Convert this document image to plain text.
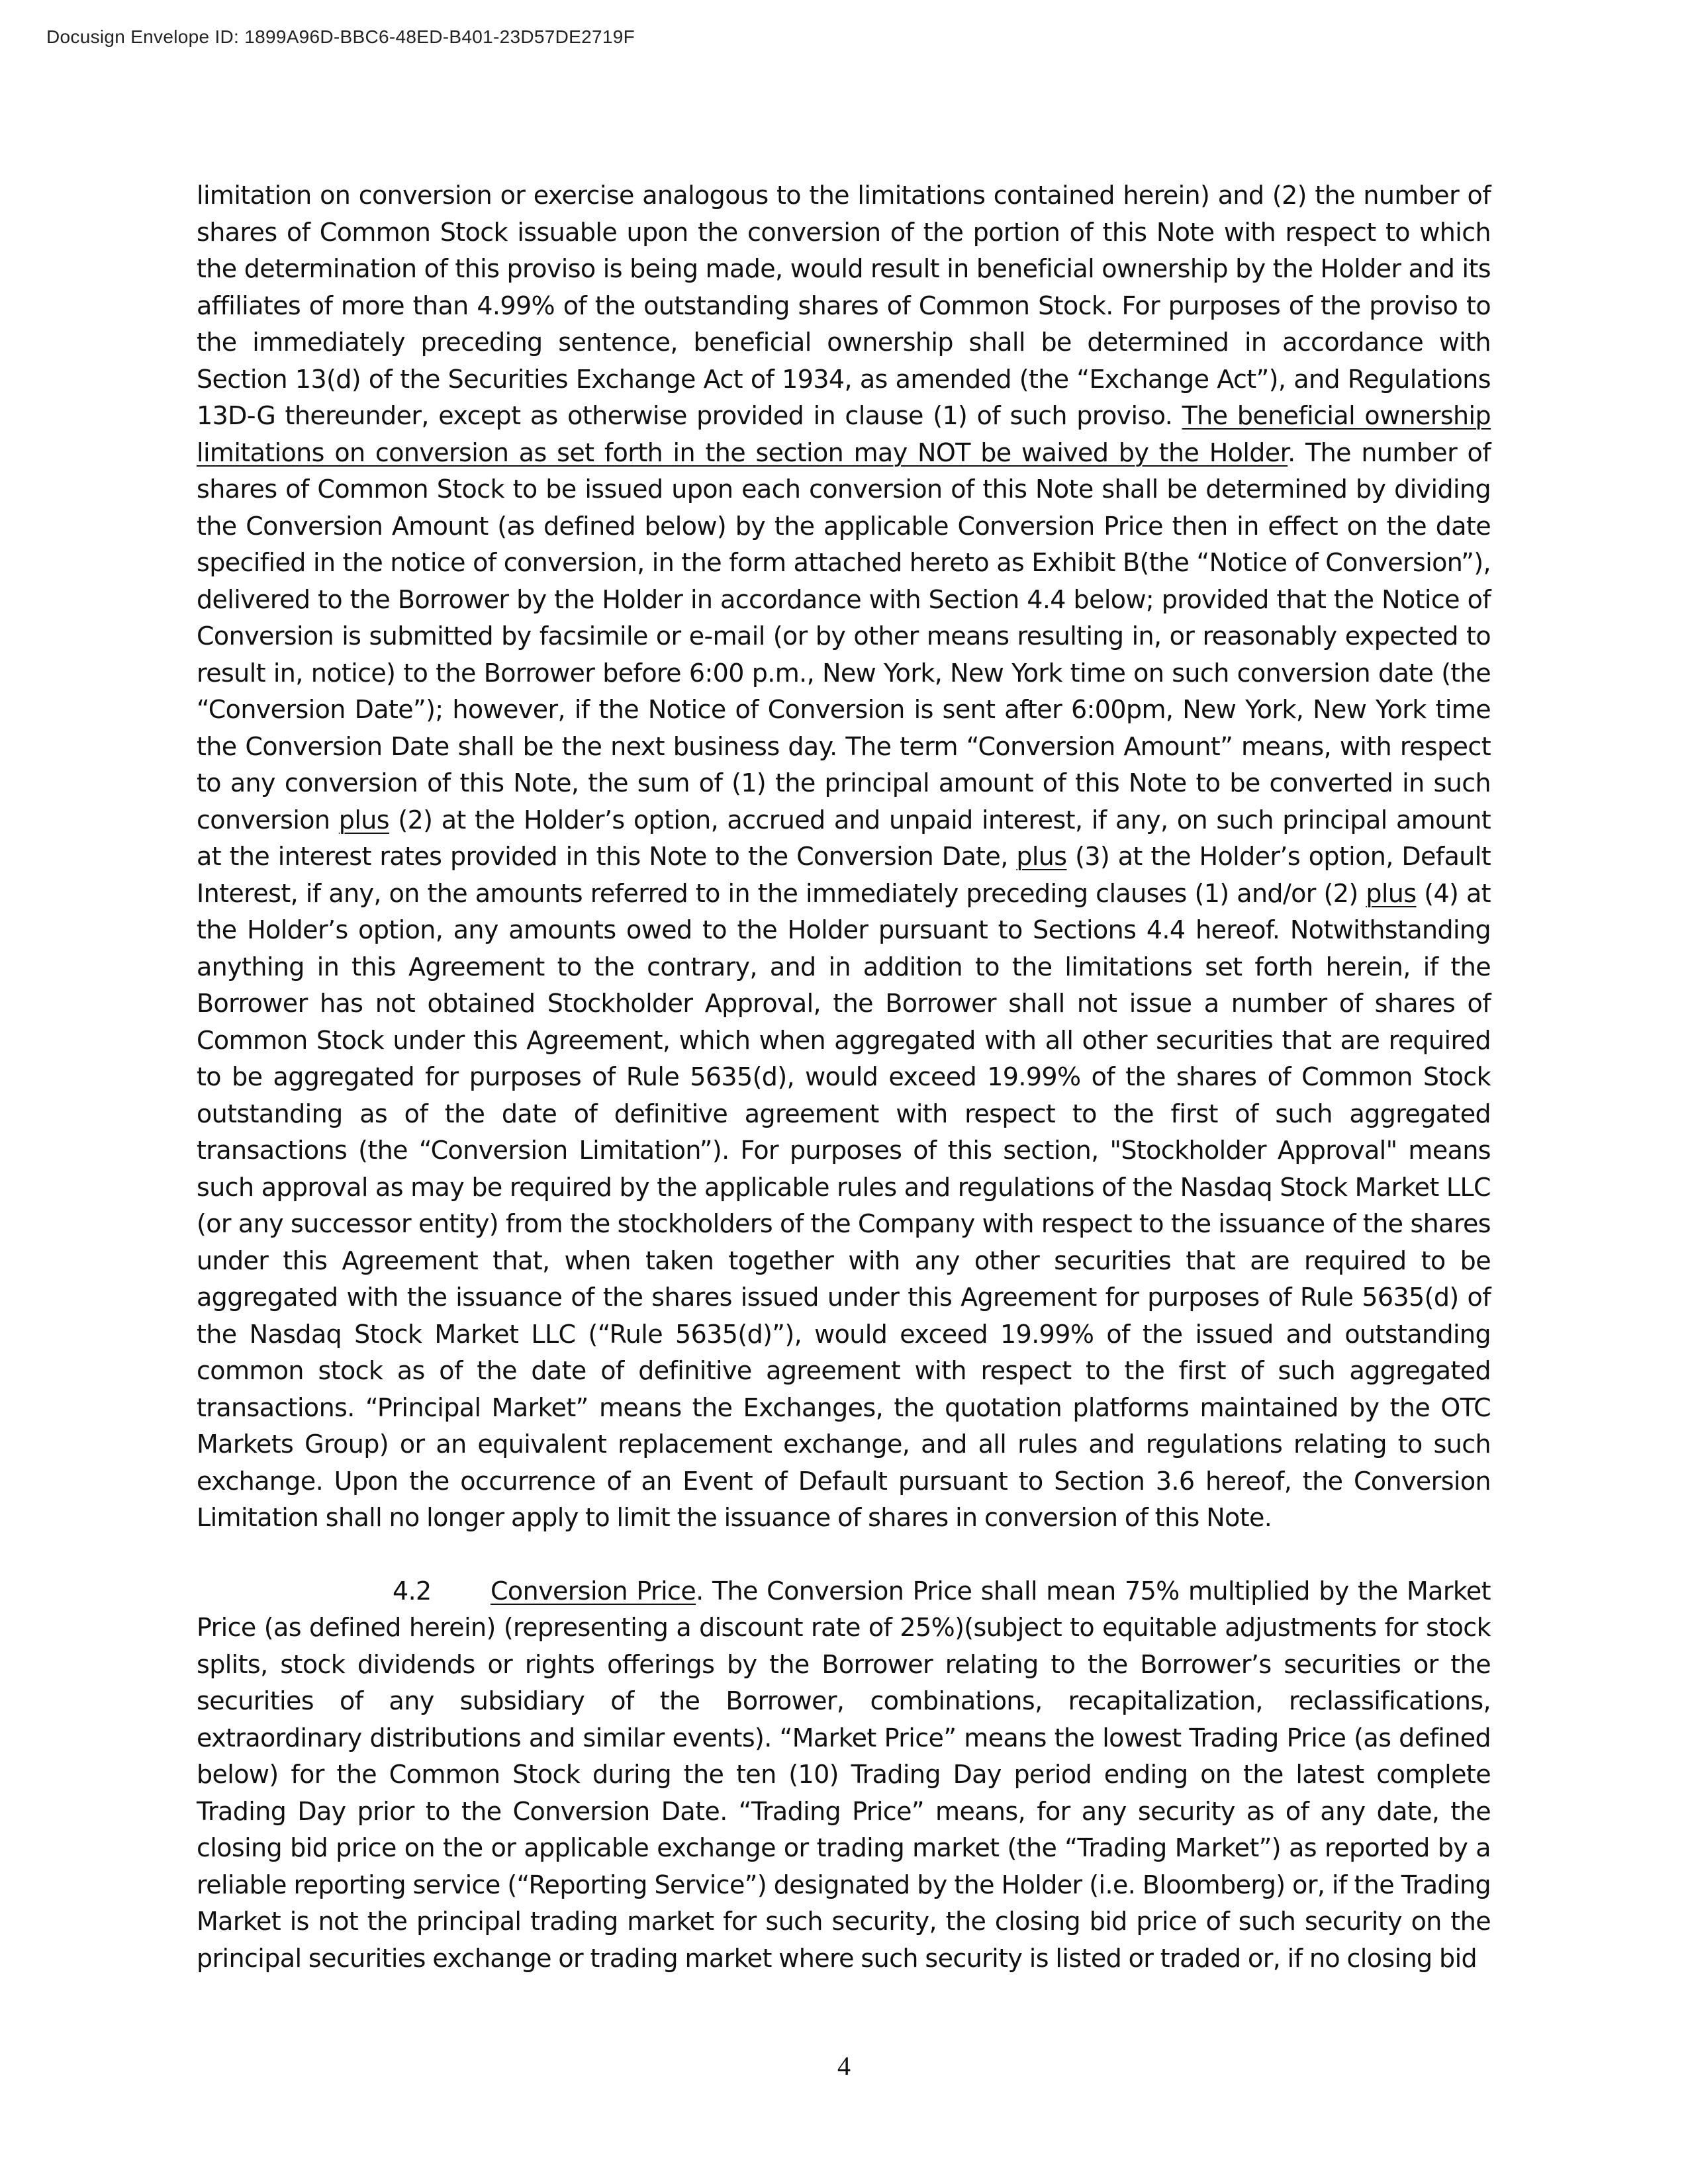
Docusign Envelope ID: 1899A96D-BBC6-48ED-B401-23D57DE2719F

limitation on conversion or exercise analogous to the limitations contained herein) and (2) the number of shares of Common Stock issuable upon the conversion of the portion of this Note with respect to which the determination of this proviso is being made, would result in beneficial ownership by the Holder and its affiliates of more than 4.99% of the outstanding shares of Common Stock. For purposes of the proviso to the immediately preceding sentence, beneficial ownership shall be determined in accordance with Section 13(d) of the Securities Exchange Act of 1934, as amended (the “Exchange Act”), and Regulations 13D-G thereunder, except as otherwise provided in clause (1) of such proviso. The beneficial ownership limitations on conversion as set forth in the section may NOT be waived by the Holder. The number of shares of Common Stock to be issued upon each conversion of this Note shall be determined by dividing the Conversion Amount (as defined below) by the applicable Conversion Price then in effect on the date specified in the notice of conversion, in the form attached hereto as Exhibit B(the “Notice of Conversion”), delivered to the Borrower by the Holder in accordance with Section 4.4 below; provided that the Notice of Conversion is submitted by facsimile or e-mail (or by other means resulting in, or reasonably expected to result in, notice) to the Borrower before 6:00 p.m., New York, New York time on such conversion date (the “Conversion Date”); however, if the Notice of Conversion is sent after 6:00pm, New York, New York time the Conversion Date shall be the next business day. The term “Conversion Amount” means, with respect to any conversion of this Note, the sum of (1) the principal amount of this Note to be converted in such conversion plus (2) at the Holder’s option, accrued and unpaid interest, if any, on such principal amount at the interest rates provided in this Note to the Conversion Date, plus (3) at the Holder’s option, Default Interest, if any, on the amounts referred to in the immediately preceding clauses (1) and/or (2) plus (4) at the Holder’s option, any amounts owed to the Holder pursuant to Sections 4.4 hereof. Notwithstanding anything in this Agreement to the contrary, and in addition to the limitations set forth herein, if the Borrower has not obtained Stockholder Approval, the Borrower shall not issue a number of shares of Common Stock under this Agreement, which when aggregated with all other securities that are required to be aggregated for purposes of Rule 5635(d), would exceed 19.99% of the shares of Common Stock outstanding as of the date of definitive agreement with respect to the first of such aggregated transactions (the “Conversion Limitation”). For purposes of this section, "Stockholder Approval" means such approval as may be required by the applicable rules and regulations of the Nasdaq Stock Market LLC (or any successor entity) from the stockholders of the Company with respect to the issuance of the shares under this Agreement that, when taken together with any other securities that are required to be aggregated with the issuance of the shares issued under this Agreement for purposes of Rule 5635(d) of the Nasdaq Stock Market LLC (“Rule 5635(d)”), would exceed 19.99% of the issued and outstanding common stock as of the date of definitive agreement with respect to the first of such aggregated transactions. “Principal Market” means the Exchanges, the quotation platforms maintained by the OTC Markets Group) or an equivalent replacement exchange, and all rules and regulations relating to such exchange. Upon the occurrence of an Event of Default pursuant to Section 3.6 hereof, the Conversion Limitation shall no longer apply to limit the issuance of shares in conversion of this Note.

4.2 Conversion Price. The Conversion Price shall mean 75% multiplied by the Market Price (as defined herein) (representing a discount rate of 25%)(subject to equitable adjustments for stock splits, stock dividends or rights offerings by the Borrower relating to the Borrower’s securities or the securities of any subsidiary of the Borrower, combinations, recapitalization, reclassifications, extraordinary distributions and similar events). “Market Price” means the lowest Trading Price (as defined below) for the Common Stock during the ten (10) Trading Day period ending on the latest complete Trading Day prior to the Conversion Date. “Trading Price” means, for any security as of any date, the closing bid price on the or applicable exchange or trading market (the “Trading Market”) as reported by a reliable reporting service (“Reporting Service”) designated by the Holder (i.e. Bloomberg) or, if the Trading Market is not the principal trading market for such security, the closing bid price of such security on the principal securities exchange or trading market where such security is listed or traded or, if no closing bid

4
